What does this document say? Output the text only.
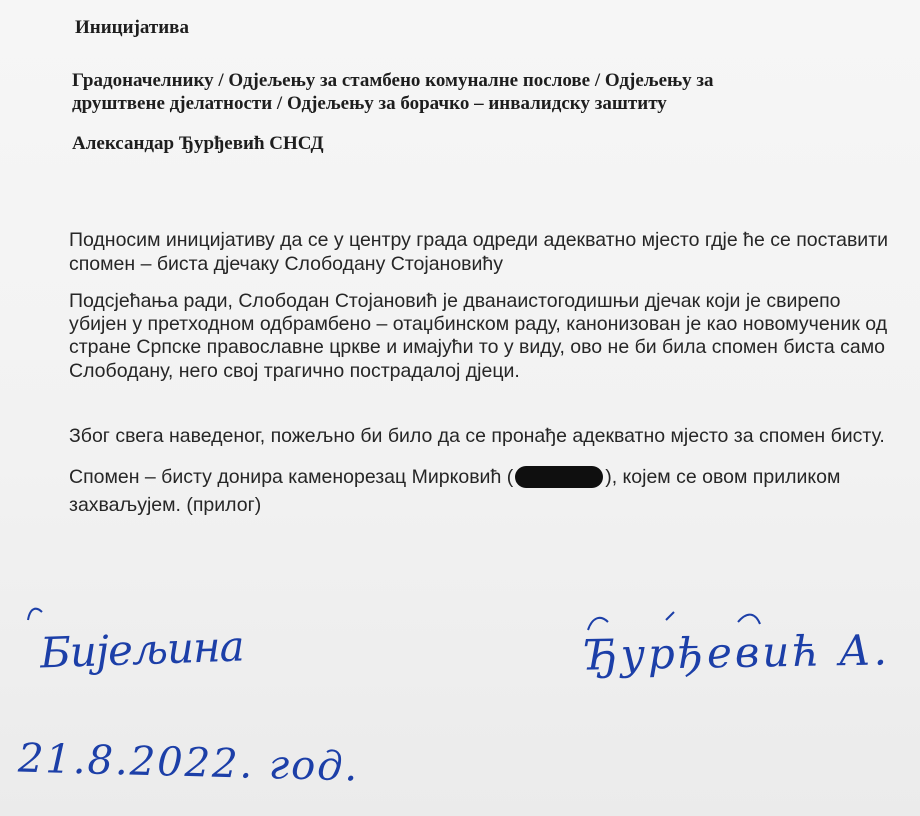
Иницијатива
Градоначелнику / Одјељењу за стамбено комуналне послове / Одјељењу за
друштвене дјелатности / Одјељењу за борачко – инвалидску заштиту
Александар Ђурђевић СНСД
Подносим иницијативу да се у центру града одреди адекватно мјесто гдје ће се поставити
спомен – биста дјечаку Слободану Стојановићу
Подсјећања ради, Слободан Стојановић је дванаистогодишњи дјечак који је свирепо
убијен у претходном одбрамбено – отаџбинском раду, канонизован је као новомученик од
стране Српске православне цркве и имајући то у виду, ово не би била спомен биста само
Слободану, него свој трагично пострадалој дјеци.
Због свега наведеног, пожељно би било да се пронађе адекватно мјесто за спомен бисту.
Спомен – бисту донира каменорезац Мирковић (	), којем се овом приликом
захваљујем. (прилог)
Бијељина
21.8.2022. год.
Ђурђевић А.
